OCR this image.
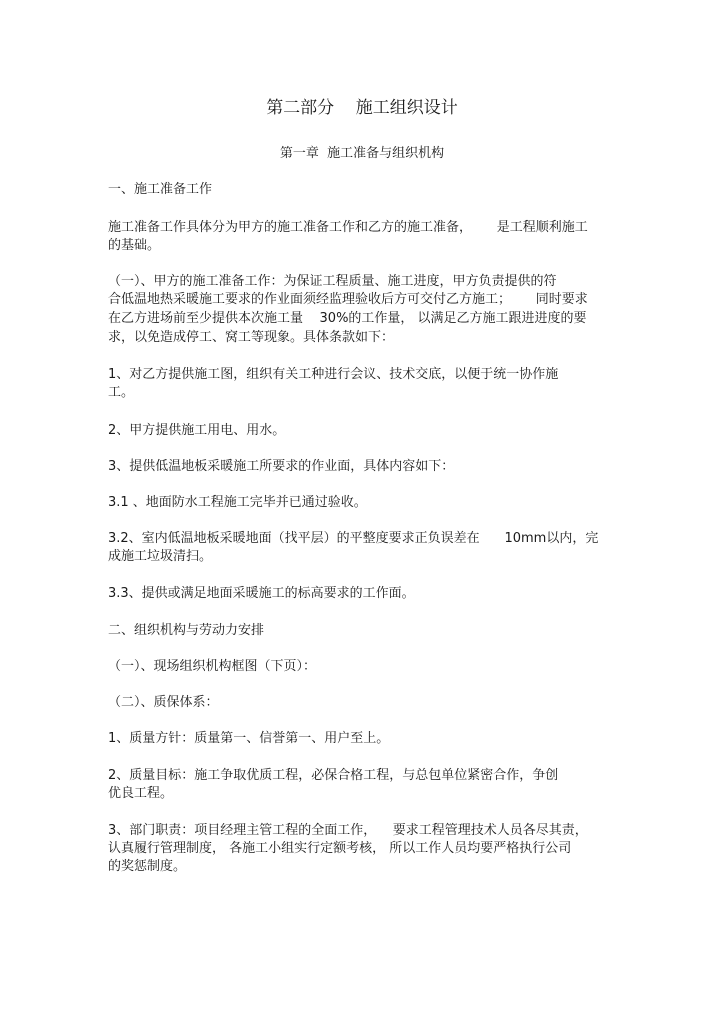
第二部分    施工组织设计
第一章  施工准备与组织机构
一、施工准备工作
施工准备工作具体分为甲方的施工准备工作和乙方的施工准备，      是工程顺利施工
的基础。
（一）、甲方的施工准备工作：为保证工程质量、施工进度，甲方负责提供的符
合低温地热采暖施工要求的作业面须经监理验收后方可交付乙方施工；      同时要求
在乙方进场前至少提供本次施工量    30%的工作量， 以满足乙方施工跟进进度的要
求，以免造成停工、窝工等现象。具体条款如下：
1、对乙方提供施工图，组织有关工种进行会议、技术交底，以便于统一协作施
工。
2、甲方提供施工用电、用水。
3、提供低温地板采暖施工所要求的作业面，具体内容如下：
3.1 、地面防水工程施工完毕并已通过验收。
3.2、室内低温地板采暖地面（找平层）的平整度要求正负误差在      10mm以内，完
成施工垃圾清扫。
3.3、提供或满足地面采暖施工的标高要求的工作面。
二、组织机构与劳动力安排
（一）、现场组织机构框图（下页）：
（二）、质保体系：
1、质量方针：质量第一、信誉第一、用户至上。
2、质量目标：施工争取优质工程，必保合格工程，与总包单位紧密合作，争创
优良工程。
3、部门职责：项目经理主管工程的全面工作，    要求工程管理技术人员各尽其责，
认真履行管理制度， 各施工小组实行定额考核， 所以工作人员均要严格执行公司
的奖惩制度。
